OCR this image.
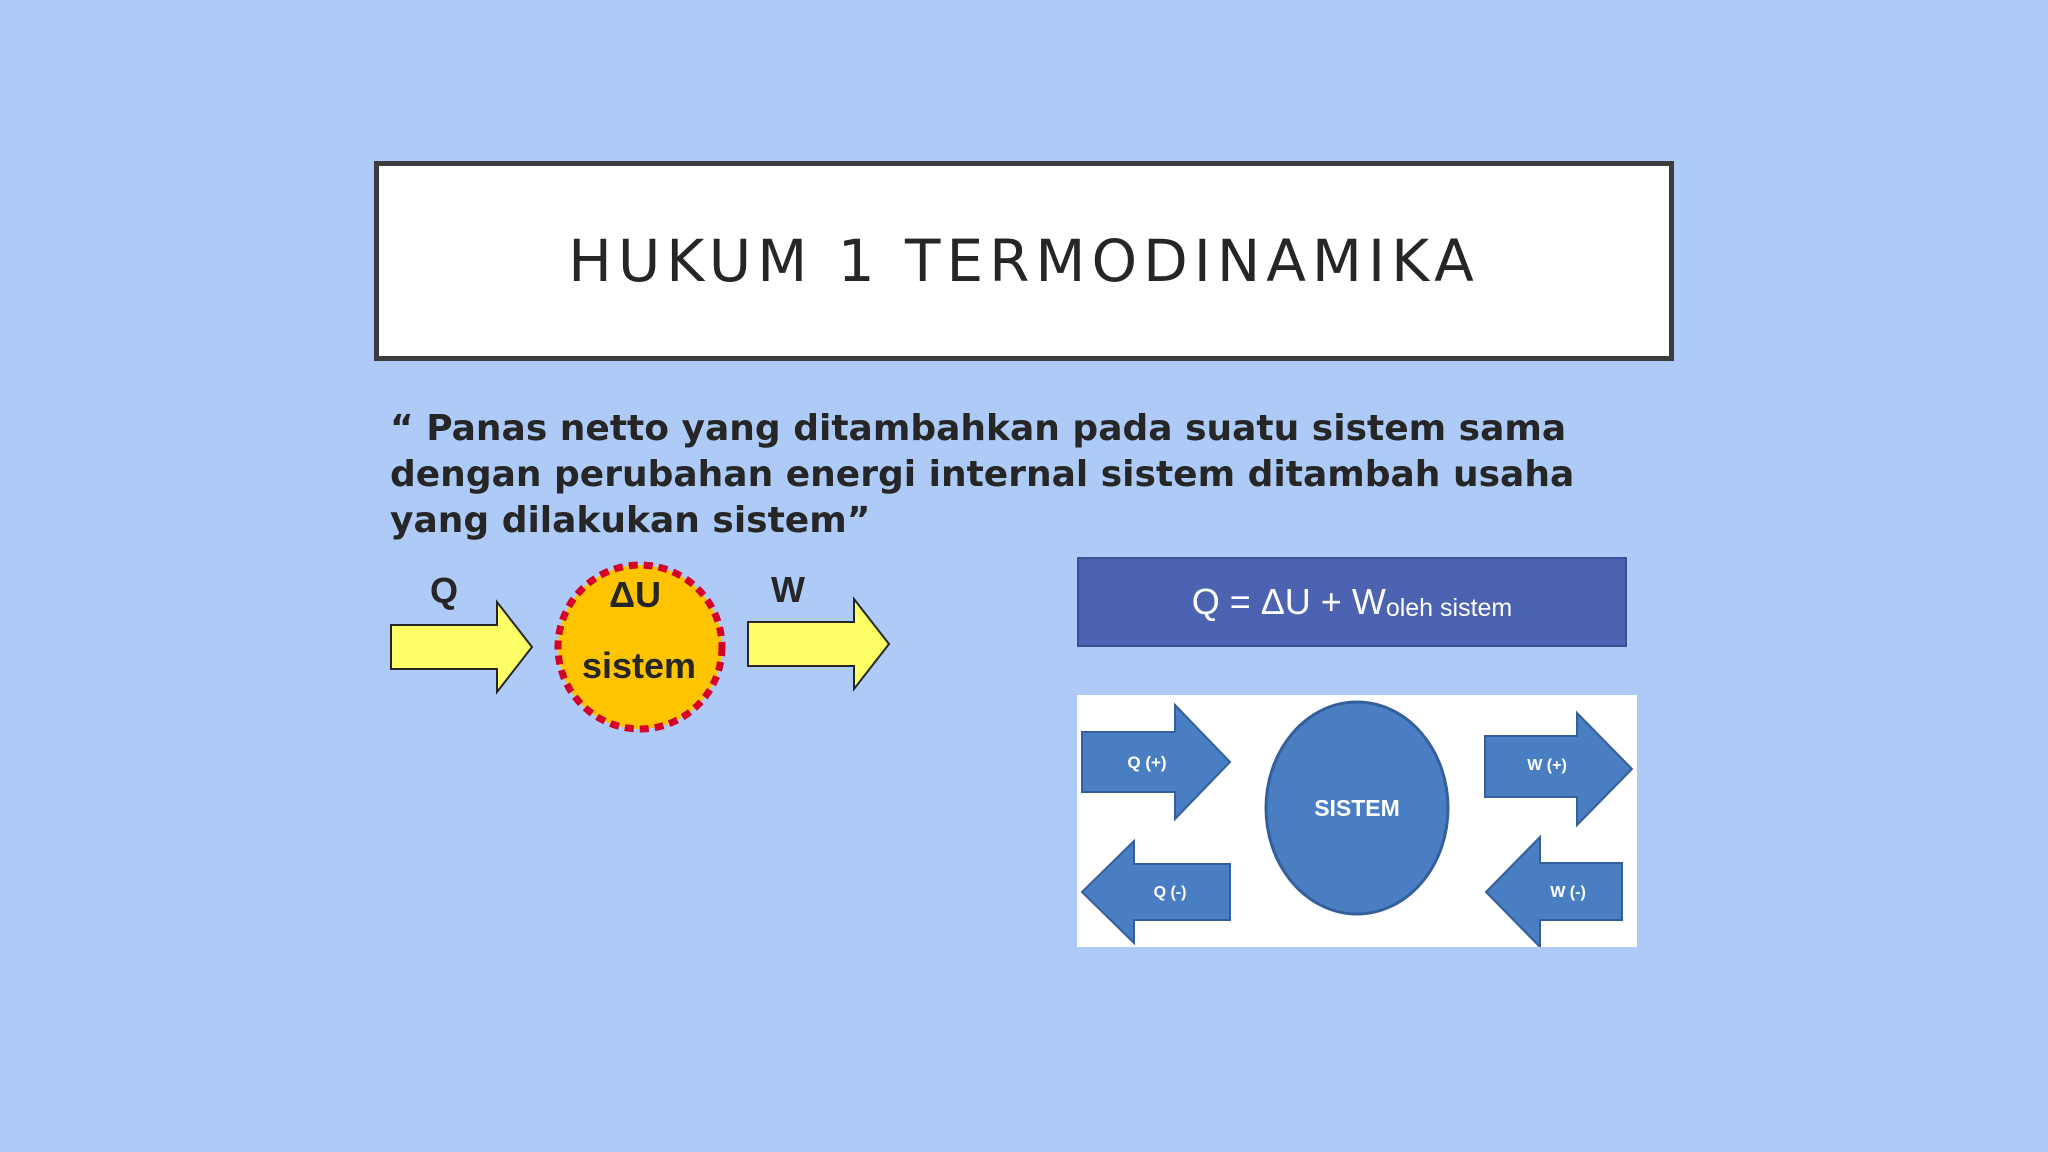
HUKUM 1 TERMODINAMIKA
“ Panas netto yang ditambahkan pada suatu sistem sama dengan perubahan energi internal sistem ditambah usaha yang dilakukan sistem”
Q	ΔU
sistem
W	Q = ΔU + W oleh sistem
Q (+)
Q (-)
SISTEM
W (+)
W (-)
